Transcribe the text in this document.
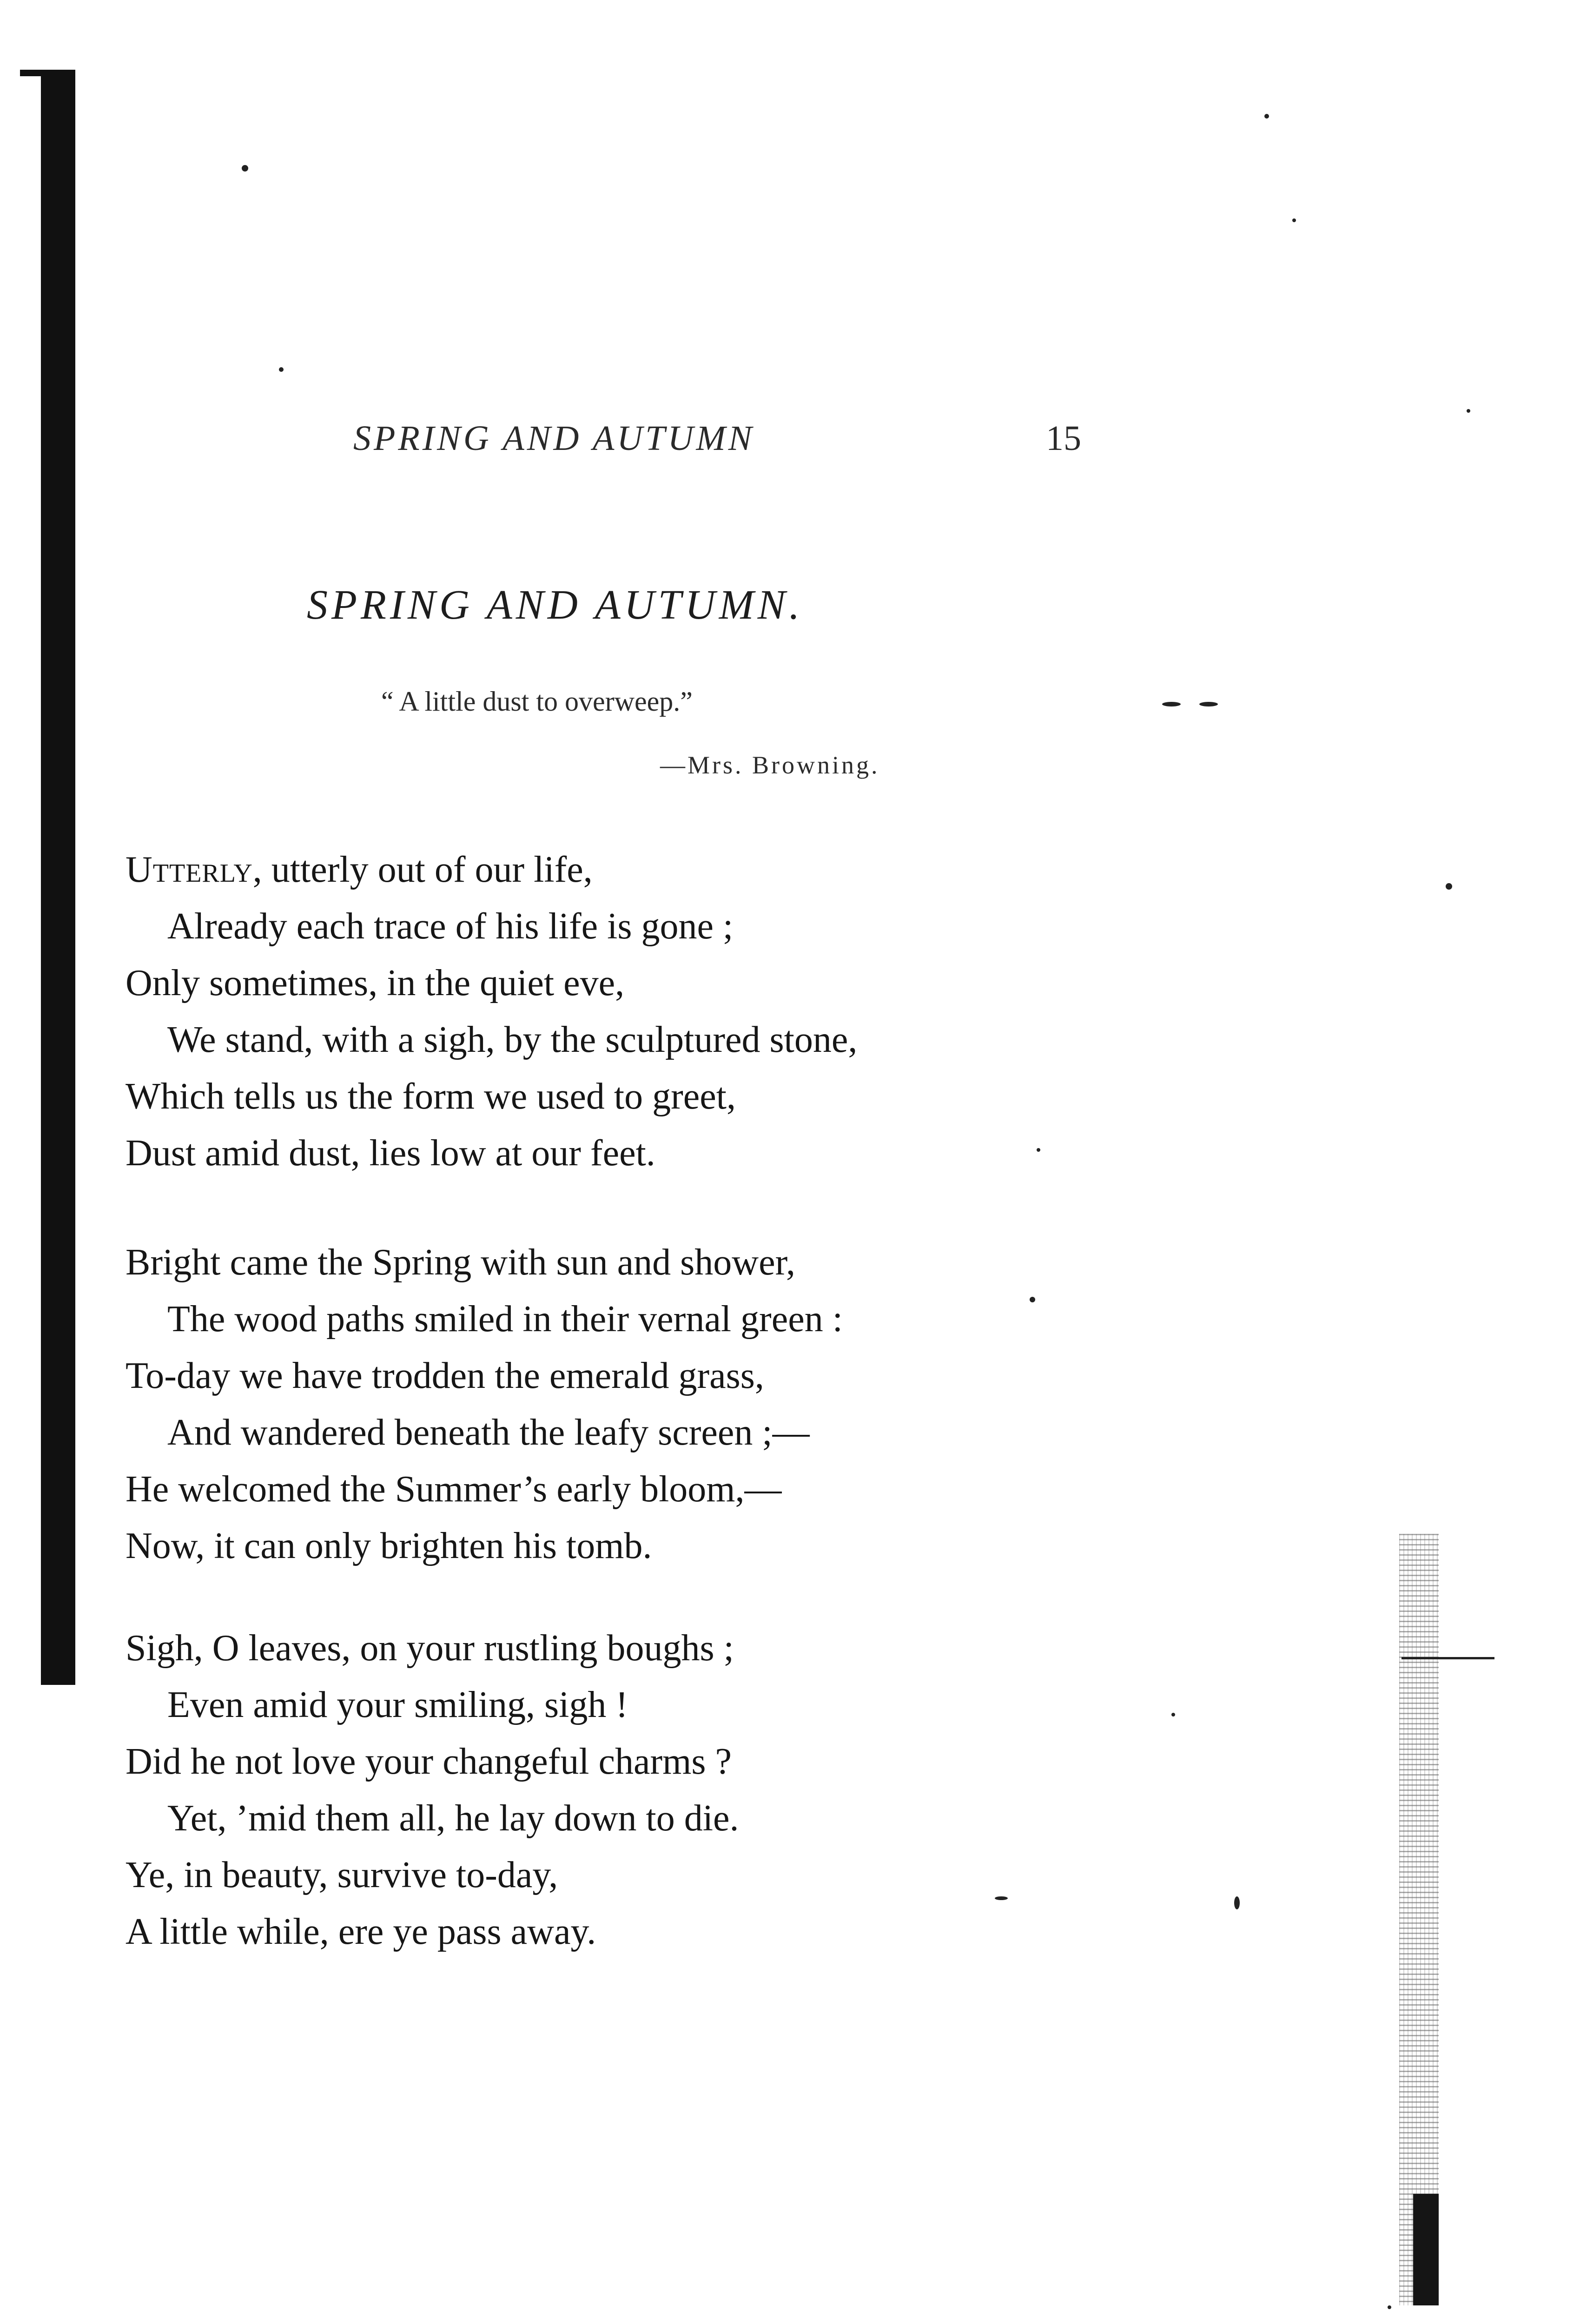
SPRING AND AUTUMN	15
SPRING AND AUTUMN.
“ A little dust to overweep.”
—Mrs. Browning.
Utterly, utterly out of our life,
Already each trace of his life is gone ;
Only sometimes, in the quiet eve,
We stand, with a sigh, by the sculptured stone,
Which tells us the form we used to greet,
Dust amid dust, lies low at our feet.
Bright came the Spring with sun and shower,
The wood paths smiled in their vernal green :
To-day we have trodden the emerald grass,
And wandered beneath the leafy screen ;—
He welcomed the Summer’s early bloom,—
Now, it can only brighten his tomb.
Sigh, O leaves, on your rustling boughs ;
Even amid your smiling, sigh !
Did he not love your changeful charms ?
Yet, ’mid them all, he lay down to die.
Ye, in beauty, survive to-day,
A little while, ere ye pass away.
